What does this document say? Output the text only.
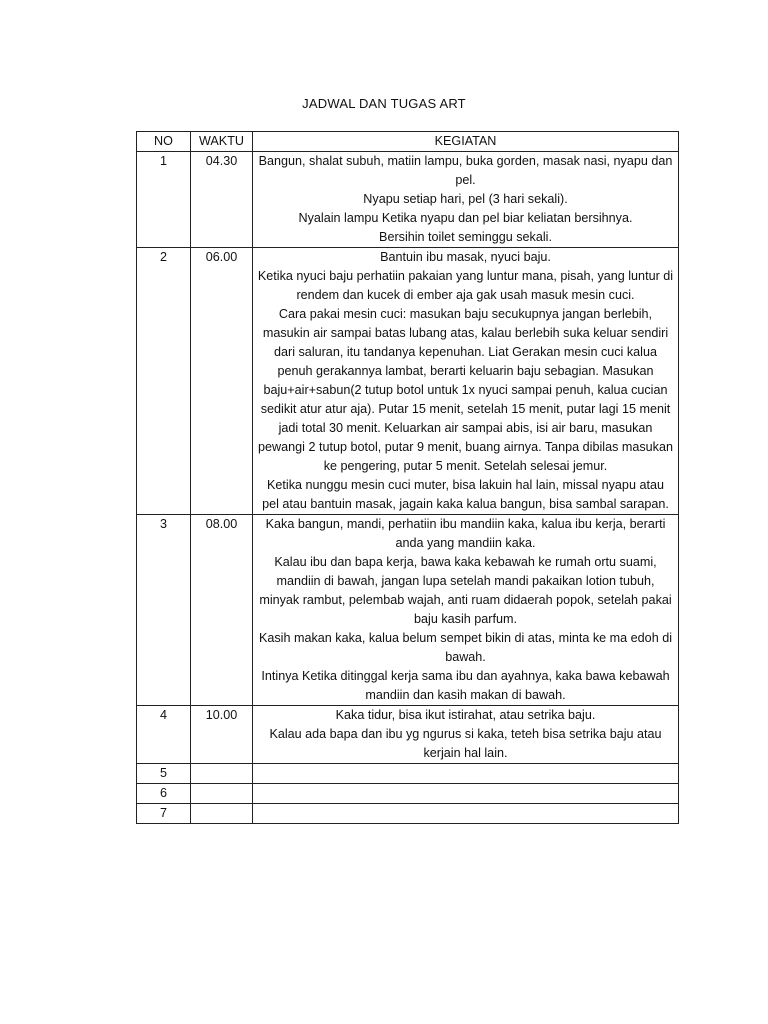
JADWAL DAN TUGAS ART
NO	WAKTU	KEGIATAN
1	04.30	Bangun, shalat subuh, matiin lampu, buka gorden, masak nasi, nyapu dan pel.
Nyapu setiap hari, pel (3 hari sekali).
Nyalain lampu Ketika nyapu dan pel biar keliatan bersihnya.
Bersihin toilet seminggu sekali.

2	06.00	Bantuin ibu masak, nyuci baju.
Ketika nyuci baju perhatiin pakaian yang luntur mana, pisah, yang luntur di rendem dan kucek di ember aja gak usah masuk mesin cuci.
Cara pakai mesin cuci: masukan baju secukupnya jangan berlebih, masukin air sampai batas lubang atas, kalau berlebih suka keluar sendiri dari saluran, itu tandanya kepenuhan. Liat Gerakan mesin cuci kalua penuh gerakannya lambat, berarti keluarin baju sebagian. Masukan baju+air+sabun(2 tutup botol untuk 1x nyuci sampai penuh, kalua cucian sedikit atur atur aja). Putar 15 menit, setelah 15 menit, putar lagi 15 menit jadi total 30 menit. Keluarkan air sampai abis, isi air baru, masukan pewangi 2 tutup botol, putar 9 menit, buang airnya. Tanpa dibilas masukan ke pengering, putar 5 menit. Setelah selesai jemur.
Ketika nunggu mesin cuci muter, bisa lakuin hal lain, missal nyapu atau pel atau bantuin masak, jagain kaka kalua bangun, bisa sambal sarapan.

3	08.00	Kaka bangun, mandi, perhatiin ibu mandiin kaka, kalua ibu kerja, berarti anda yang mandiin kaka.
Kalau ibu dan bapa kerja, bawa kaka kebawah ke rumah ortu suami, mandiin di bawah, jangan lupa setelah mandi pakaikan lotion tubuh, minyak rambut, pelembab wajah, anti ruam didaerah popok, setelah pakai baju kasih parfum.
Kasih makan kaka, kalua belum sempet bikin di atas, minta ke ma edoh di bawah.
Intinya Ketika ditinggal kerja sama ibu dan ayahnya, kaka bawa kebawah mandiin dan kasih makan di bawah.

4	10.00	Kaka tidur, bisa ikut istirahat, atau setrika baju.
Kalau ada bapa dan ibu yg ngurus si kaka, teteh bisa setrika baju atau kerjain hal lain.

5		
6		
7		
